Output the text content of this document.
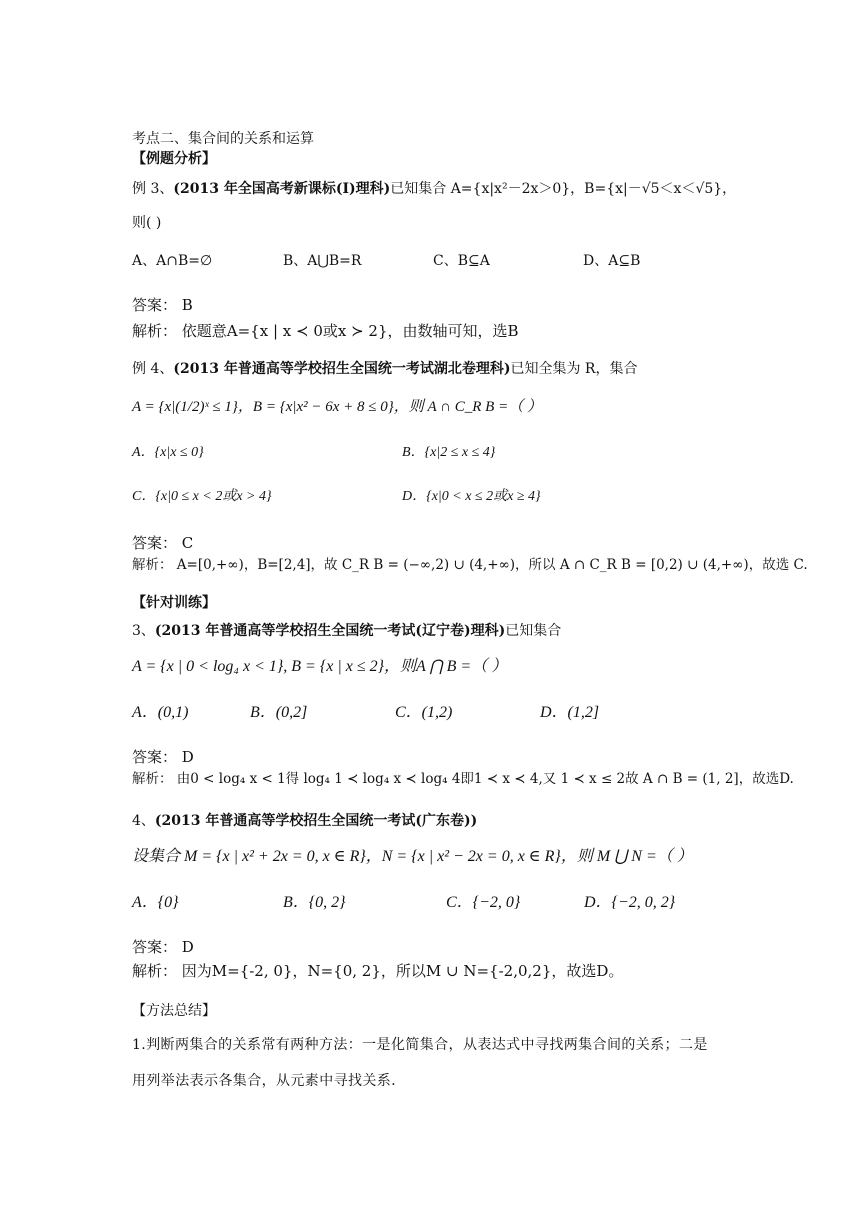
考点二、集合间的关系和运算
【例题分析】
例 3、(2013 年全国高考新课标(I)理科)已知集合 A={x|x²－2x＞0}，B={x|－√5＜x＜√5}，
则( )
A、A∩B=∅	B、A⋃B=R	C、B⊆A	D、A⊆B
答案： B
解析： 依题意A={x | x ≺ 0或x ≻ 2}，由数轴可知，选B
例 4、(2013 年普通高等学校招生全国统一考试湖北卷理科)已知全集为 R，集合
A = {x|(1/2)ˣ ≤ 1}，B = {x|x² − 6x + 8 ≤ 0}，则 A ∩ C_R B =（ ）
A．{x|x ≤ 0}	B．{x|2 ≤ x ≤ 4}
C．{x|0 ≤ x < 2或x > 4}	D．{x|0 < x ≤ 2或x ≥ 4}
答案： C
解析： A=[0,+∞)，B=[2,4]，故 C_R B = (−∞,2) ∪ (4,+∞)，所以 A ∩ C_R B = [0,2) ∪ (4,+∞)，故选 C.
【针对训练】
3、(2013 年普通高等学校招生全国统一考试(辽宁卷)理科)已知集合
A = {x | 0 < log₄ x < 1}, B = {x | x ≤ 2}，则A ⋂ B =（ ）
A．(0,1)	B．(0,2]	C．(1,2)	D．(1,2]
答案： D
解析： 由0 < log₄ x < 1得 log₄ 1 ≺ log₄ x ≺ log₄ 4即1 ≺ x ≺ 4,又 1 ≺ x ≤ 2故 A ∩ B = (1, 2]，故选D.
4、(2013 年普通高等学校招生全国统一考试(广东卷))
设集合 M = {x | x² + 2x = 0, x ∈ R}，N = {x | x² − 2x = 0, x ∈ R}，则 M ⋃ N =（ ）
A．{0}	B．{0, 2}	C．{−2, 0}	D．{−2, 0, 2}
答案： D
解析： 因为M={-2, 0}，N={0, 2}，所以M ∪ N={-2,0,2}，故选D。
【方法总结】
1.判断两集合的关系常有两种方法：一是化简集合，从表达式中寻找两集合间的关系；二是
用列举法表示各集合，从元素中寻找关系．
